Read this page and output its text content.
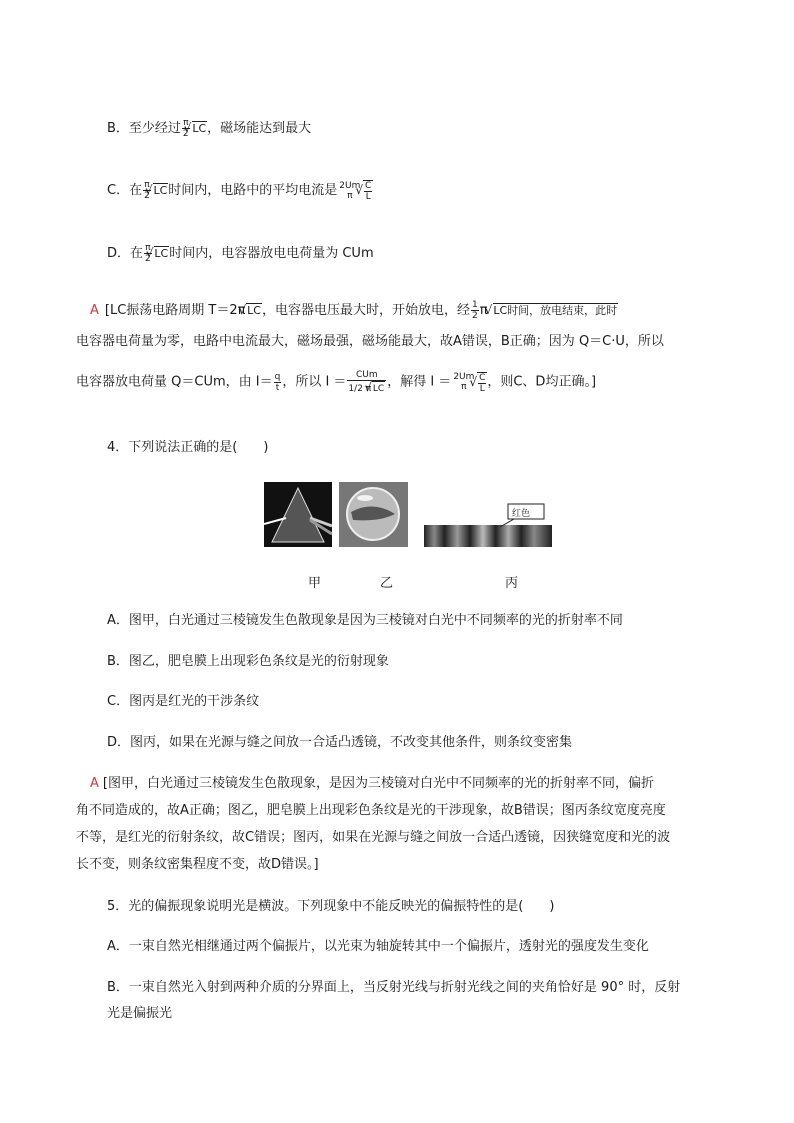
B．至少经过 $\frac{\pi}{2}$ √ LC，磁场能达到最大
C．在 $\frac{\pi}{2}$ √ LC时间内，电路中的平均电流是 2Um
π	√ $\frac{C}{L}$
D．在 $\frac{\pi}{2}$ √ LC时间内，电容器放电电荷量为 CUm
A [LC振荡电路周期 T＝2π √ LC，电容器电压最大时，开始放电，经 $\frac{1}{2}$ π √ LC时间，放电结束，此时
电容器电荷量为零，电路中电流最大，磁场最强，磁场能最大，故A错误，B正确；因为 Q＝C·U，所以
电容器放电荷量 Q＝CUm，由 $I= \frac{q}{t}$ ，所以 $I = \frac{\text{CUm}}{1/2 \pi √ LC}$ ，解得 I ＝ 2Um
π	√ $\frac{C}{L}$ ，则C、D均正确。]
4．下列说法正确的是(　　)
红色
甲	乙	丙
A．图甲，白光通过三棱镜发生色散现象是因为三棱镜对白光中不同频率的光的折射率不同
B．图乙，肥皂膜上出现彩色条纹是光的衍射现象
C．图丙是红光的干涉条纹
D．图丙，如果在光源与缝之间放一合适凸透镜，不改变其他条件，则条纹变密集
A [图甲，白光通过三棱镜发生色散现象，是因为三棱镜对白光中不同频率的光的折射率不同，偏折
角不同造成的，故A正确；图乙，肥皂膜上出现彩色条纹是光的干涉现象，故B错误；图丙条纹宽度亮度
不等，是红光的衍射条纹，故C错误；图丙，如果在光源与缝之间放一合适凸透镜，因狭缝宽度和光的波
长不变，则条纹密集程度不变，故D错误。]
5．光的偏振现象说明光是横波。下列现象中不能反映光的偏振特性的是(　　)
A．一束自然光相继通过两个偏振片，以光束为轴旋转其中一个偏振片，透射光的强度发生变化
B．一束自然光入射到两种介质的分界面上，当反射光线与折射光线之间的夹角恰好是 90° 时，反射
光是偏振光
